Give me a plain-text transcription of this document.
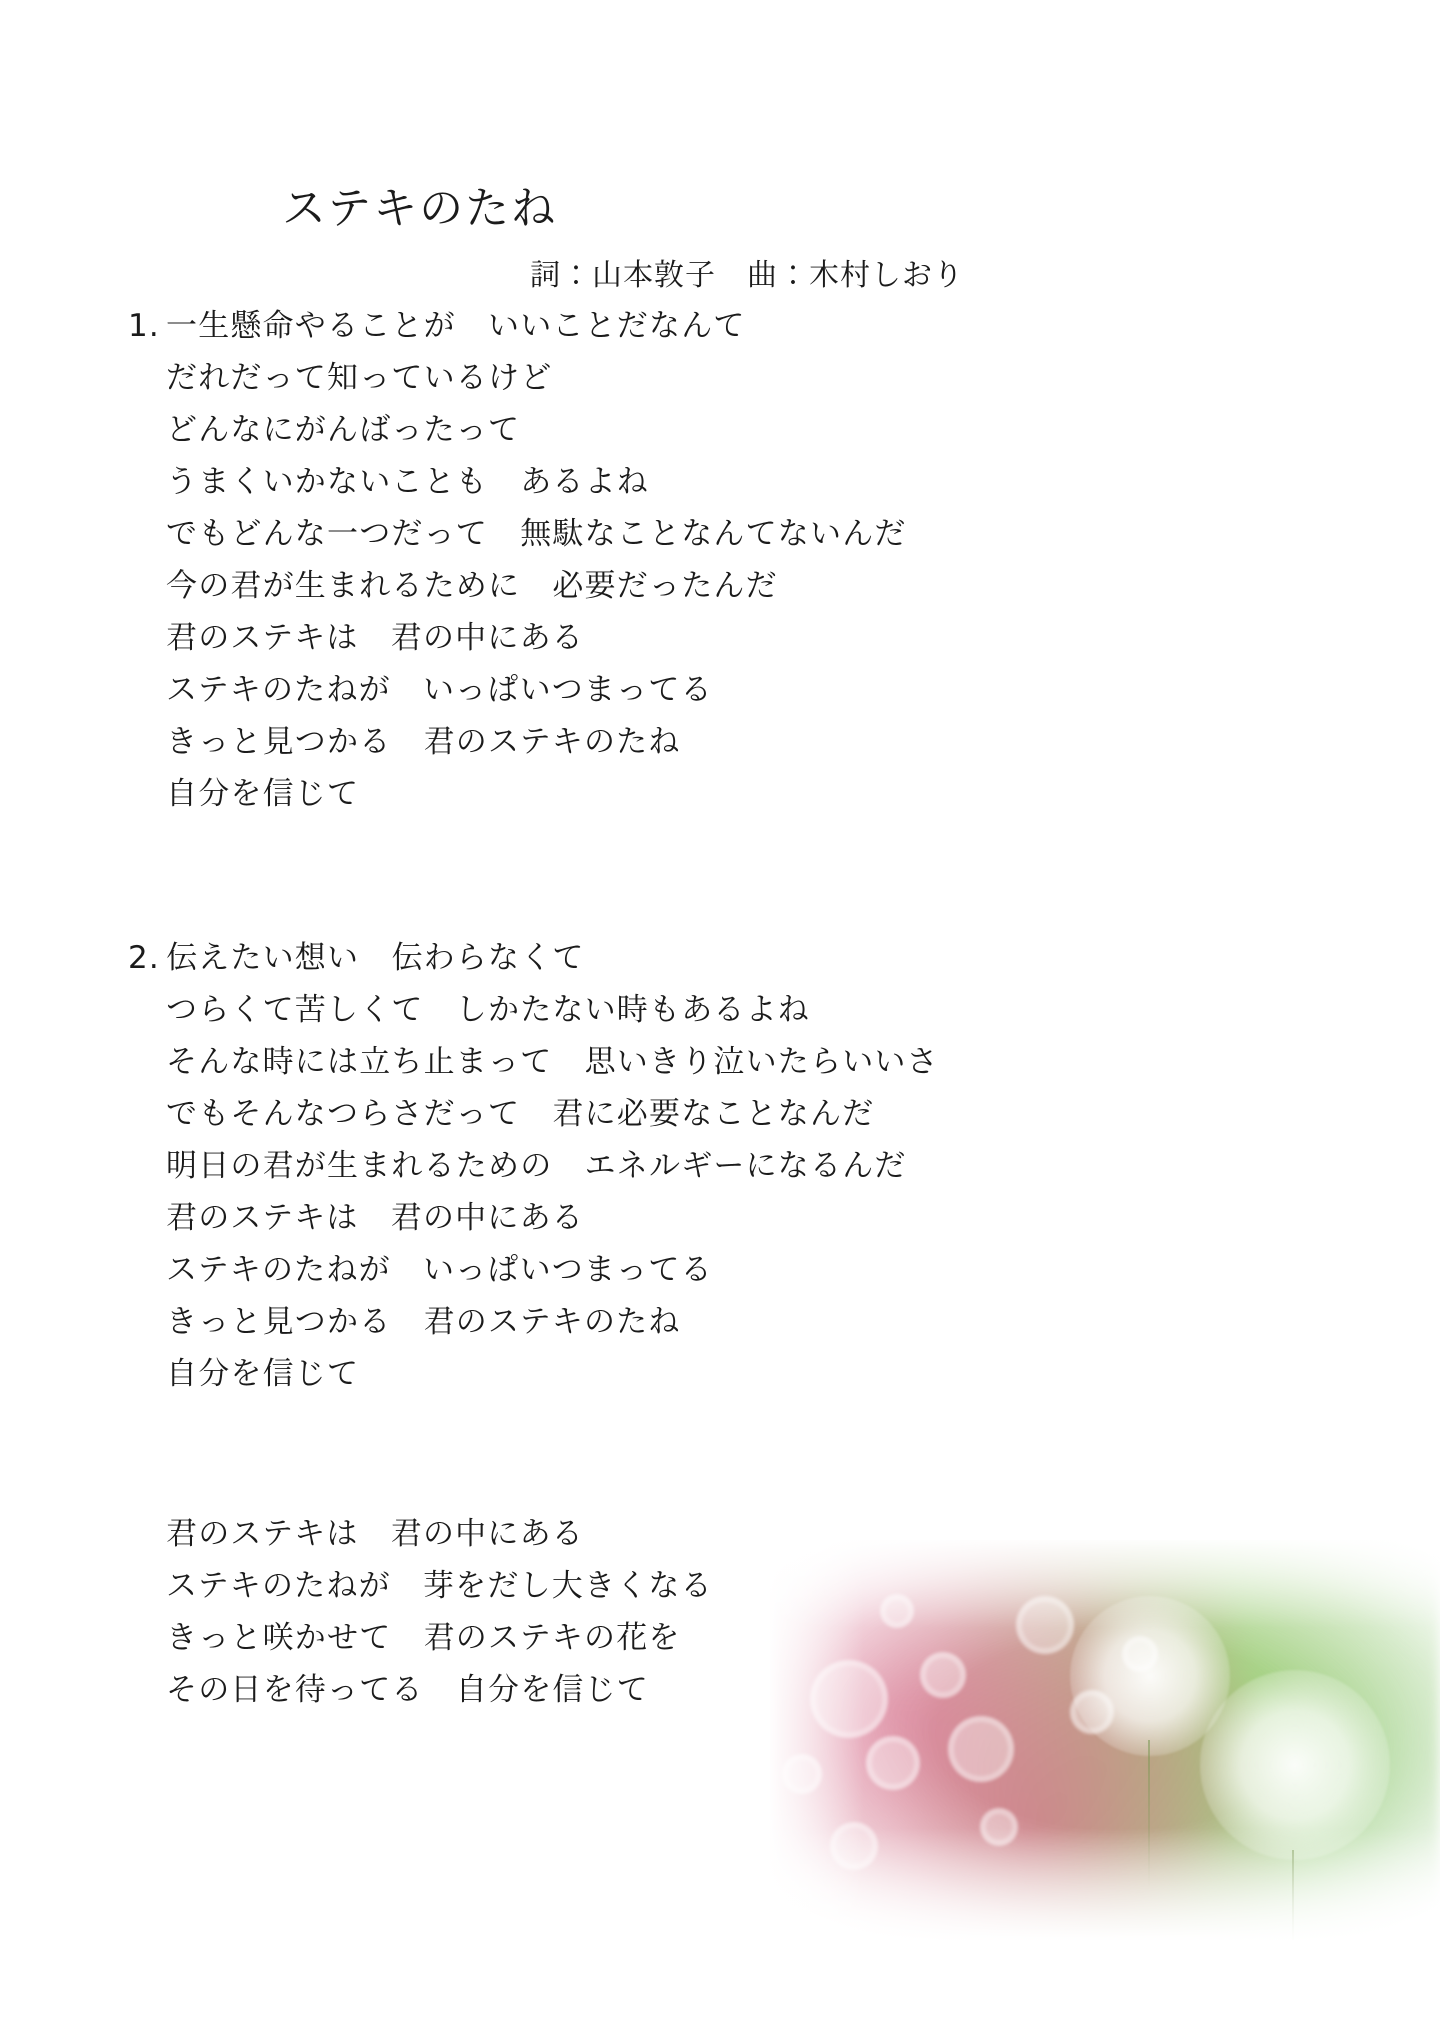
ステキのたね
詞：山本敦子　曲：木村しおり
1. 一生懸命やることが　いいことだなんて
だれだって知っているけど
どんなにがんばったって
うまくいかないことも　あるよね
でもどんな一つだって　無駄なことなんてないんだ
今の君が生まれるために　必要だったんだ
君のステキは　君の中にある
ステキのたねが　いっぱいつまってる
きっと見つかる　君のステキのたね
自分を信じて
2. 伝えたい想い　伝わらなくて
つらくて苦しくて　しかたない時もあるよね
そんな時には立ち止まって　思いきり泣いたらいいさ
でもそんなつらさだって　君に必要なことなんだ
明日の君が生まれるための　エネルギーになるんだ
君のステキは　君の中にある
ステキのたねが　いっぱいつまってる
きっと見つかる　君のステキのたね
自分を信じて
君のステキは　君の中にある
ステキのたねが　芽をだし大きくなる
きっと咲かせて　君のステキの花を
その日を待ってる　自分を信じて
